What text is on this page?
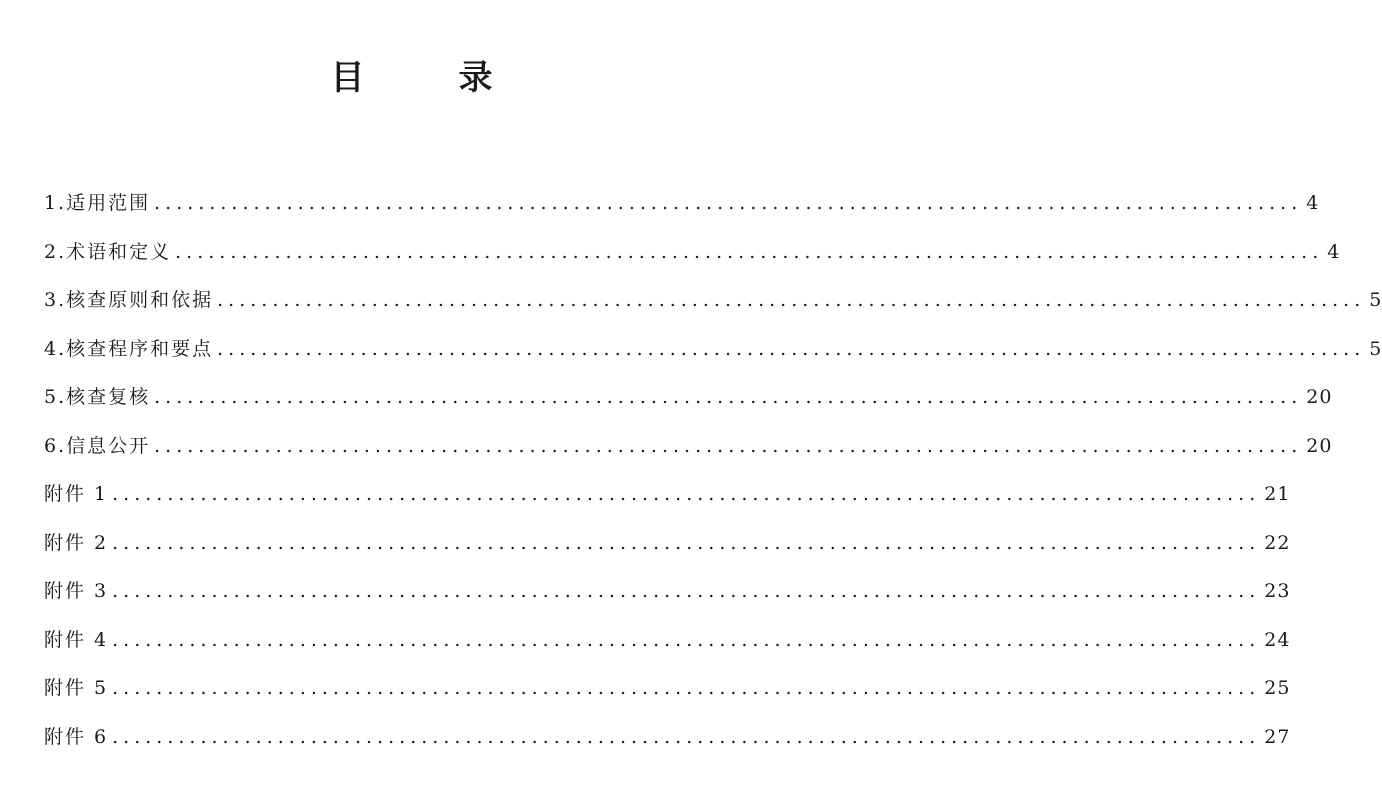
目　录
1.适用范围 ........................................................................................................ 4
2.术语和定义 ........................................................................................................ 4
3.核查原则和依据 ........................................................................................................ 5
4.核查程序和要点 ........................................................................................................ 5
5.核查复核 ........................................................................................................ 20
6.信息公开 ........................................................................................................ 20
附件 1 ........................................................................................................ 21
附件 2 ........................................................................................................ 22
附件 3 ........................................................................................................ 23
附件 4 ........................................................................................................ 24
附件 5 ........................................................................................................ 25
附件 6 ........................................................................................................ 27
